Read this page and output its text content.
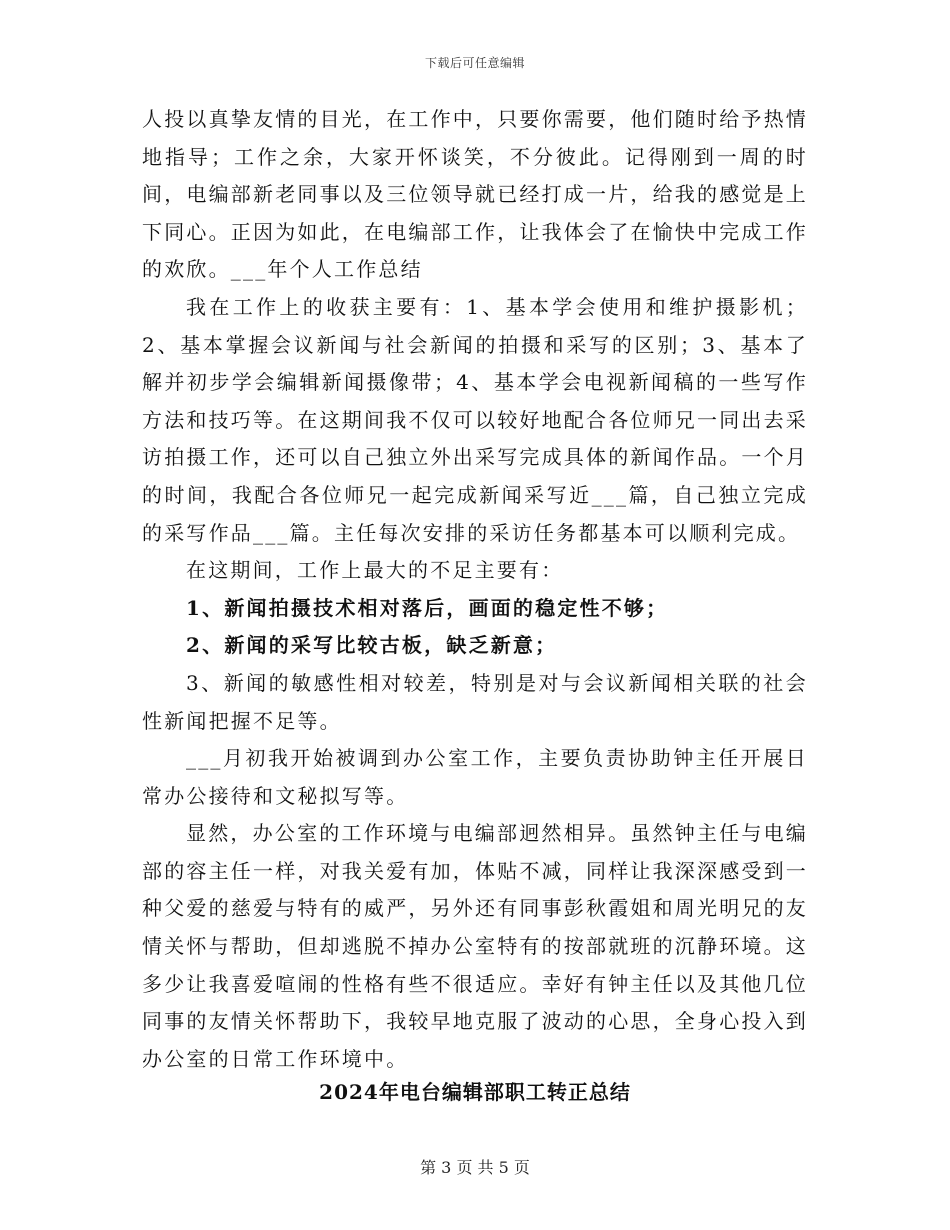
下载后可任意编辑

人投以真挚友情的目光，在工作中，只要你需要，他们随时给予热情地指导；工作之余，大家开怀谈笑，不分彼此。记得刚到一周的时间，电编部新老同事以及三位领导就已经打成一片，给我的感觉是上下同心。正因为如此，在电编部工作，让我体会了在愉快中完成工作的欢欣。___年个人工作总结

我在工作上的收获主要有：1、基本学会使用和维护摄影机；2、基本掌握会议新闻与社会新闻的拍摄和采写的区别；3、基本了解并初步学会编辑新闻摄像带；4、基本学会电视新闻稿的一些写作方法和技巧等。在这期间我不仅可以较好地配合各位师兄一同出去采访拍摄工作，还可以自己独立外出采写完成具体的新闻作品。一个月的时间，我配合各位师兄一起完成新闻采写近___篇，自己独立完成的采写作品___篇。主任每次安排的采访任务都基本可以顺利完成。

在这期间，工作上最大的不足主要有：

1、新闻拍摄技术相对落后，画面的稳定性不够；

2、新闻的采写比较古板，缺乏新意；

3、新闻的敏感性相对较差，特别是对与会议新闻相关联的社会性新闻把握不足等。

___月初我开始被调到办公室工作，主要负责协助钟主任开展日常办公接待和文秘拟写等。

显然，办公室的工作环境与电编部迥然相异。虽然钟主任与电编部的容主任一样，对我关爱有加，体贴不减，同样让我深深感受到一种父爱的慈爱与特有的威严，另外还有同事彭秋霞姐和周光明兄的友情关怀与帮助，但却逃脱不掉办公室特有的按部就班的沉静环境。这多少让我喜爱喧闹的性格有些不很适应。幸好有钟主任以及其他几位同事的友情关怀帮助下，我较早地克服了波动的心思，全身心投入到办公室的日常工作环境中。

2024年电台编辑部职工转正总结
第 3 页 共 5 页
